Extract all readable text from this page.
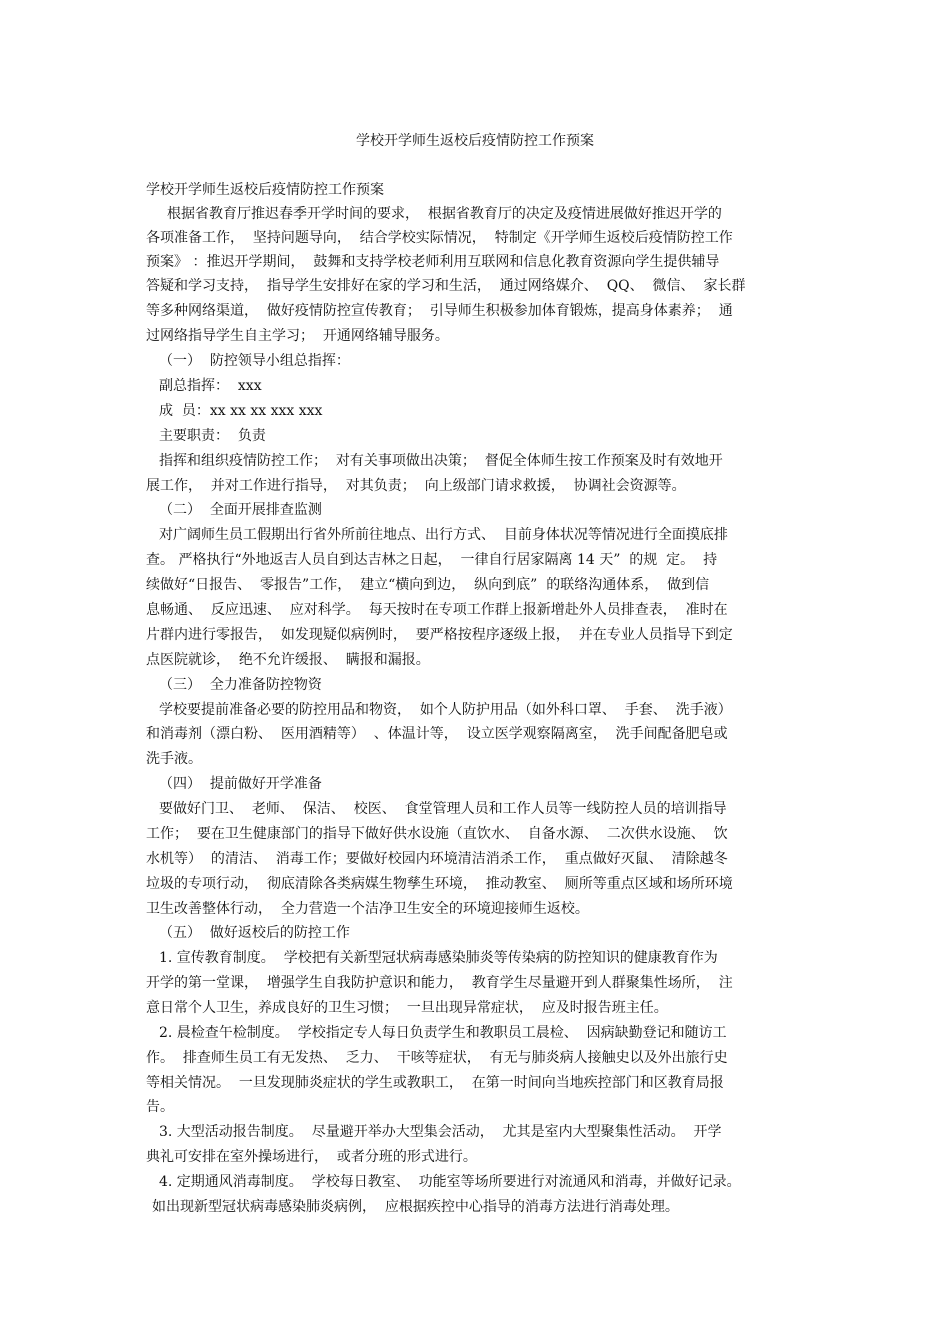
学校开学师生返校后疫情防控工作预案
学校开学师生返校后疫情防控工作预案
根据省教育厅推迟春季开学时间的要求，  根据省教育厅的决定及疫情进展做好推迟开学的
各项准备工作，  坚持问题导向，  结合学校实际情况，  特制定《开学师生返校后疫情防控工作
预案》 ：推迟开学期间，  鼓舞和支持学校老师利用互联网和信息化教育资源向学生提供辅导
答疑和学习支持，  指导学生安排好在家的学习和生活，  通过网络媒介、  QQ、  微信、  家长群
等多种网络渠道，  做好疫情防控宣传教育；  引导师生积极参加体育锻炼，提高身体素养；  通
过网络指导学生自主学习；  开通网络辅导服务。
（一）  防控领导小组总指挥：
副总指挥：  xxx
成  员：xx xx xx xxx xxx
主要职责：  负责
指挥和组织疫情防控工作；  对有关事项做出决策；  督促全体师生按工作预案及时有效地开
展工作，  并对工作进行指导，  对其负责；  向上级部门请求救援，  协调社会资源等。
（二）  全面开展排查监测
对广阔师生员工假期出行省外所前往地点、出行方式、  目前身体状况等情况进行全面摸底排
查。 严格执行“外地返吉人员自到达吉林之日起，  一律自行居家隔离 14 天”  的规  定。  持
续做好“日报告、  零报告”工作，  建立“横向到边，  纵向到底”  的联络沟通体系，  做到信
息畅通、  反应迅速、  应对科学。  每天按时在专项工作群上报新增赴外人员排查表，  准时在
片群内进行零报告，  如发现疑似病例时，  要严格按程序逐级上报，  并在专业人员指导下到定
点医院就诊，  绝不允许缓报、  瞒报和漏报。
（三）  全力准备防控物资
学校要提前准备必要的防控用品和物资，  如个人防护用品（如外科口罩、  手套、  洗手液）
和消毒剂（漂白粉、  医用酒精等）  、体温计等，  设立医学观察隔离室，  洗手间配备肥皂或
洗手液。
（四）  提前做好开学准备
要做好门卫、  老师、  保洁、  校医、  食堂管理人员和工作人员等一线防控人员的培训指导
工作；  要在卫生健康部门的指导下做好供水设施（直饮水、  自备水源、  二次供水设施、  饮
水机等）  的清洁、  消毒工作；要做好校园内环境清洁消杀工作，  重点做好灭鼠、  清除越冬
垃圾的专项行动，  彻底清除各类病媒生物孳生环境，  推动教室、  厕所等重点区域和场所环境
卫生改善整体行动，  全力营造一个洁净卫生安全的环境迎接师生返校。
（五）  做好返校后的防控工作
1. 宣传教育制度。  学校把有关新型冠状病毒感染肺炎等传染病的防控知识的健康教育作为
开学的第一堂课，  增强学生自我防护意识和能力，  教育学生尽量避开到人群聚集性场所，  注
意日常个人卫生，养成良好的卫生习惯；  一旦出现异常症状，  应及时报告班主任。
2. 晨检查午检制度。  学校指定专人每日负责学生和教职员工晨检、  因病缺勤登记和随访工
作。  排查师生员工有无发热、  乏力、  干咳等症状，  有无与肺炎病人接触史以及外出旅行史
等相关情况。  一旦发现肺炎症状的学生或教职工，  在第一时间向当地疾控部门和区教育局报
告。
3. 大型活动报告制度。  尽量避开举办大型集会活动，  尤其是室内大型聚集性活动。  开学
典礼可安排在室外操场进行，  或者分班的形式进行。
4. 定期通风消毒制度。  学校每日教室、  功能室等场所要进行对流通风和消毒，并做好记录。
如出现新型冠状病毒感染肺炎病例，  应根据疾控中心指导的消毒方法进行消毒处理。
